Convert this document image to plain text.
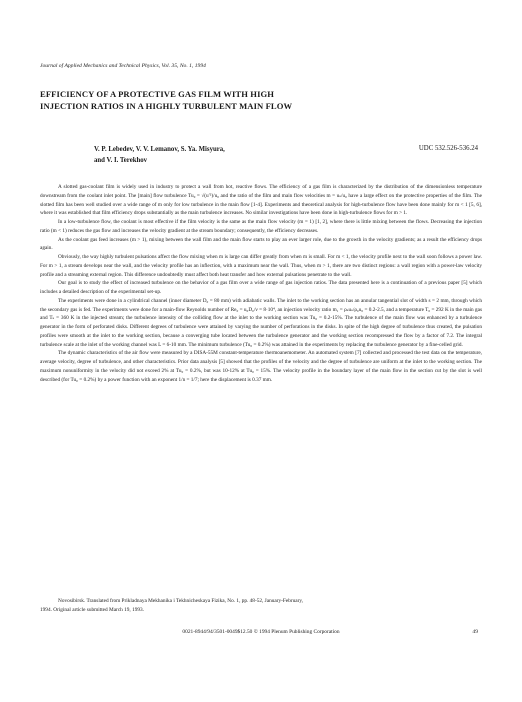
Journal of Applied Mechanics and Technical Physics, Vol. 35, No. 1, 1994
EFFICIENCY OF A PROTECTIVE GAS FILM WITH HIGH
INJECTION RATIOS IN A HIGHLY TURBULENT MAIN FLOW
V. P. Lebedev, V. V. Lemanov, S. Ya. Misyura,
and V. I. Terekhov
UDC 532.526-536.24

A slotted gas-coolant film is widely used in industry to protect a wall from hot, reactive flows. The efficiency of a gas film is characterized by the distribution of the dimensionless temperature downstream from the coolant inlet point. The [main] flow turbulence Tu₀ = √(u′²)/u₀ and the ratio of the film and main flow velocities m = uₛ/u₀ have a large effect on the protective properties of the film. The slotted film has been well studied over a wide range of m only for low turbulence in the main flow [1-4]. Experiments and theoretical analysis for high-turbulence flow have been done mainly for m < 1 [5, 6], where it was established that film efficiency drops substantially as the main turbulence increases. No similar investigations have been done in high-turbulence flows for m > 1.

In a low-turbulence flow, the coolant is most effective if the film velocity is the same as the main flow velocity (m = 1) [1, 2], where there is little mixing between the flows. Decreasing the injection ratio (m < 1) reduces the gas flow and increases the velocity gradient at the stream boundary; consequently, the efficiency decreases.

As the coolant gas feed increases (m > 1), mixing between the wall film and the main flow starts to play an ever larger role, due to the growth in the velocity gradients; as a result the efficiency drops again.

Obviously, the way highly turbulent pulsations affect the flow mixing when m is large can differ greatly from when m is small. For m < 1, the velocity profile next to the wall soon follows a power law. For m > 1, a stream develops near the wall, and the velocity profile has an inflection, with a maximum near the wall. Thus, when m > 1, there are two distinct regions: a wall region with a power-law velocity profile and a streaming external region. This difference undoubtedly must affect both heat transfer and how external pulsations penetrate to the wall.

Our goal is to study the effect of increased turbulence on the behavior of a gas film over a wide range of gas injection ratios. The data presented here is a continuation of a previous paper [5] which includes a detailed description of the experimental set-up.

The experiments were done in a cylindrical channel (inner diameter D₀ = 80 mm) with adiabatic walls. The inlet to the working section has an annular tangential slot of width s = 2 mm, through which the secondary gas is fed. The experiments were done for a main-flow Reynolds number of Re₀ = u₀D₀/ν = 8·10⁴, an injection velocity ratio m₁ = ρₛuₛ/ρ₀u₀ = 0.2-2.5, and a temperature T₀ = 292 K in the main gas and Tₛ = 360 K in the injected stream; the turbulence intensity of the colliding flow at the inlet to the working section was Tu₀ = 0.2-15%. The turbulence of the main flow was enhanced by a turbulence generator in the form of perforated disks. Different degrees of turbulence were attained by varying the number of perforations in the disks. In spite of the high degree of turbulence thus created, the pulsation profiles were smooth at the inlet to the working section, because a converging tube located between the turbulence generator and the working section recompressed the flow by a factor of 7.2. The integral turbulence scale at the inlet of the working channel was L = 6-10 mm. The minimum turbulence (Tu₀ = 0.2%) was attained in the experiments by replacing the turbulence generator by a fine-celled grid.

The dynamic characteristics of the air flow were measured by a DISA-55M constant-temperature thermoanemometer. An automated system [7] collected and processed the test data on the temperature, average velocity, degree of turbulence, and other characteristics. Prior data analysis [5] showed that the profiles of the velocity and the degree of turbulence are uniform at the inlet to the working section. The maximum nonuniformity in the velocity did not exceed 2% at Tu₀ = 0.2%, but was 10-12% at Tu₀ = 15%. The velocity profile in the boundary layer of the main flow in the section cut by the slot is well described (for Tu₀ = 0.2%) by a power function with an exponent 1/n = 1/7; here the displacement is 0.37 mm.

Novosibirsk. Translated from Prikladnaya Mekhanika i Tekhnicheskaya Fizika, No. 1, pp. 48-52, January-February,

1994. Original article submitted March 19, 1993.
0021-8944/94/3501-0049$12.50 © 1994 Plenum Publishing Corporation	49
